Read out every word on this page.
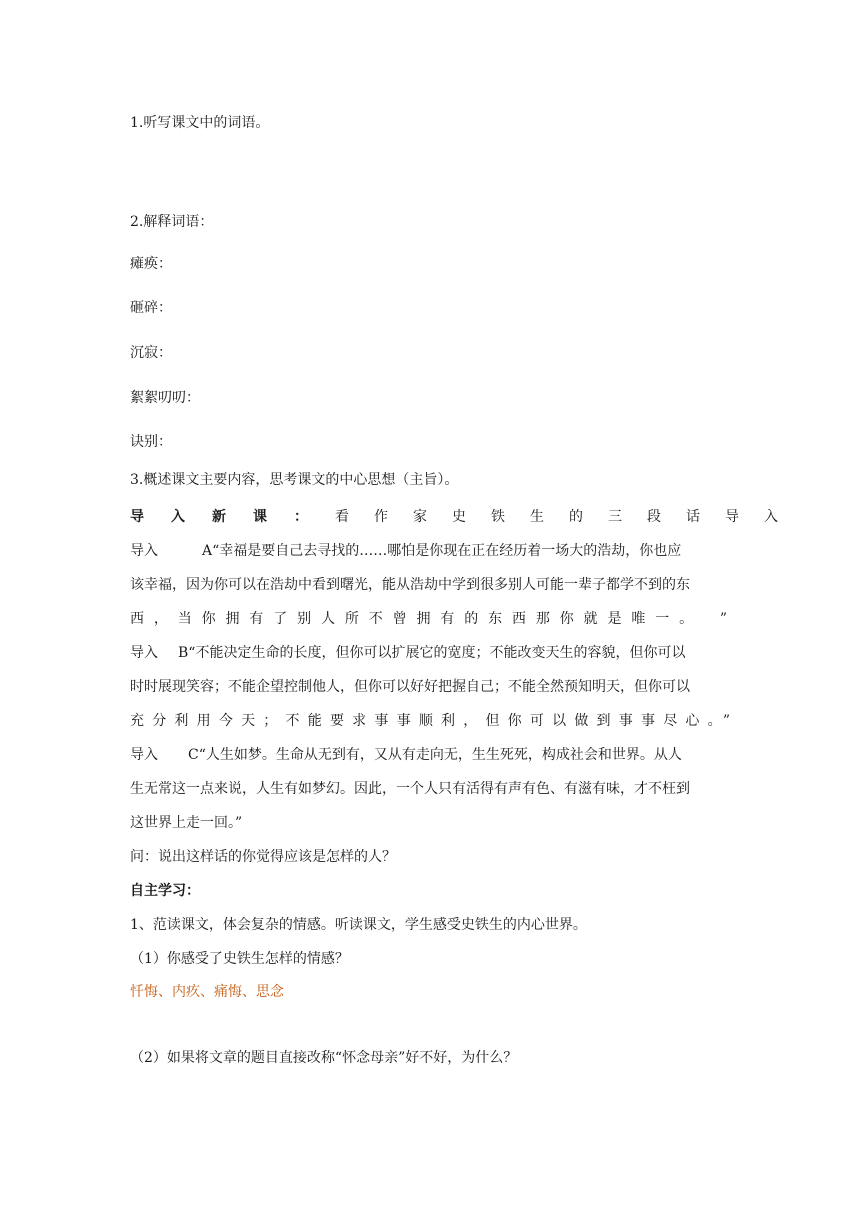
1.听写课文中的词语。
2.解释词语：
瘫痪：
砸碎：
沉寂：
絮絮叨叨：
诀别：
3.概述课文主要内容，思考课文的中心思想（主旨）。
导入新课： 看作家史铁生的三段话导入
导入	A“幸福是要自己去寻找的……哪怕是你现在正在经历着一场大的浩劫，你也应
该幸福，因为你可以在浩劫中看到曙光，能从浩劫中学到很多别人可能一辈子都学不到的东
西，当你拥有了别人所不曾拥有的东西那你就是唯一。　”
导入 B“不能决定生命的长度，但你可以扩展它的宽度；不能改变天生的容貌，但你可以
时时展现笑容；不能企望控制他人，但你可以好好把握自己；不能全然预知明天，但你可以
充分利用今天；不能要求事事顺利，但你可以做到事事尽心。”
导入 C“人生如梦。生命从无到有，又从有走向无，生生死死，构成社会和世界。从人
生无常这一点来说，人生有如梦幻。因此，一个人只有活得有声有色、有滋有味，才不枉到
这世界上走一回。”
问：说出这样话的你觉得应该是怎样的人？
自主学习：
1、范读课文，体会复杂的情感。听读课文，学生感受史铁生的内心世界。
（1）你感受了史铁生怎样的情感？
忏悔、内疚、痛悔、思念
（2）如果将文章的题目直接改称“怀念母亲”好不好，为什么？
